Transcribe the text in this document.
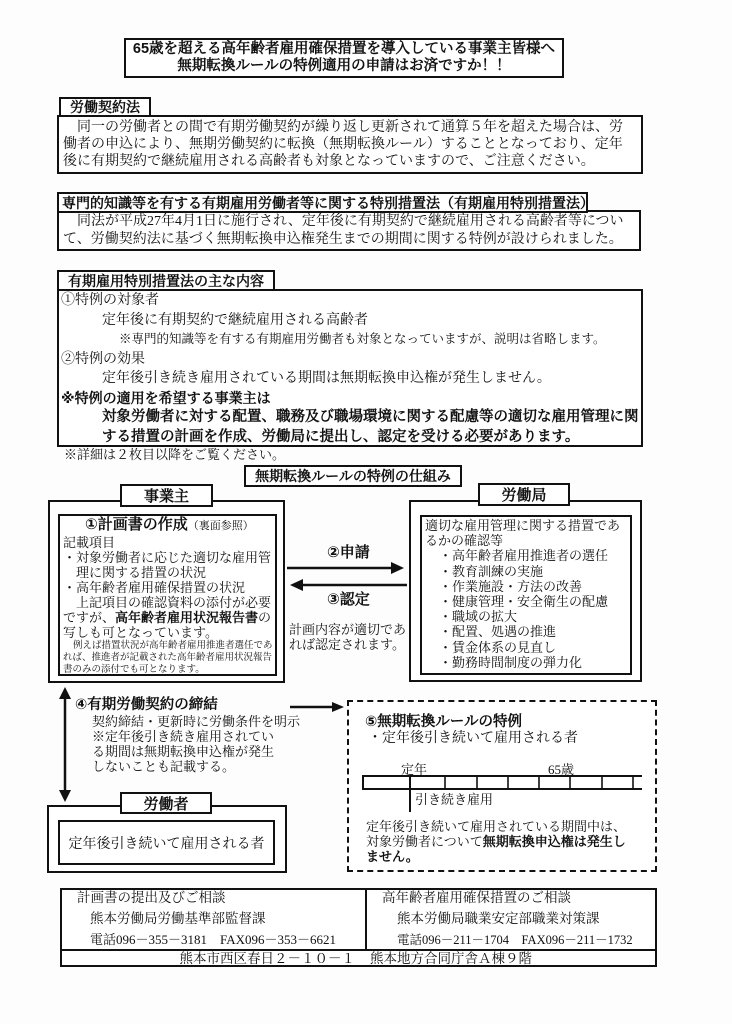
65歳を超える高年齢者雇用確保措置を導入している事業主皆様へ
無期転換ルールの特例適用の申請はお済ですか！！
同一の労働者との間で有期労働契約が繰り返し更新されて通算５年を超えた場合は、労
働者の申込により、無期労働契約に転換（無期転換ルール）することとなっており、定年
後に有期契約で継続雇用される高齢者も対象となっていますので、ご注意ください。
労働契約法
同法が平成27年4月1日に施行され、定年後に有期契約で継続雇用される高齢者等につい
て、労働契約法に基づく無期転換申込権発生までの期間に関する特例が設けられました。
専門的知識等を有する有期雇用労働者等に関する特別措置法（有期雇用特別措置法）
①特例の対象者
定年後に有期契約で継続雇用される高齢者
※専門的知識等を有する有期雇用労働者も対象となっていますが、説明は省略します。
②特例の効果
定年後引き続き雇用されている期間は無期転換申込権が発生しません。
※特例の適用を希望する事業主は
対象労働者に対する配置、職務及び職場環境に関する配慮等の適切な雇用管理に関
する措置の計画を作成、労働局に提出し、認定を受ける必要があります。
有期雇用特別措置法の主な内容
※詳細は２枚目以降をご覧ください。
無期転換ルールの特例の仕組み
事業主
①計画書の作成（裏面参照）
記載項目
・対象労働者に応じた適切な雇用管
理に関する措置の状況
・高年齢者雇用確保措置の状況
上記項目の確認資料の添付が必要
ですが、高年齢者雇用状況報告書の
写しも可となっています。
例えば措置状況が高年齢者雇用推進者選任であ
れば、推進者が記載された高年齢者雇用状況報告
書のみの添付でも可となります。
②申請
③認定
計画内容が適切であ
れば認定されます。
労働局
適切な雇用管理に関する措置であ
るかの確認等
・高年齢者雇用推進者の選任
・教育訓練の実施
・作業施設・方法の改善
・健康管理・安全衛生の配慮
・職域の拡大
・配置、処遇の推進
・賃金体系の見直し
・勤務時間制度の弾力化
④有期労働契約の締結
契約締結・更新時に労働条件を明示
※定年後引き続き雇用されてい
る期間は無期転換申込権が発生
しないことも記載する。
定年後引き続いて雇用される者
労働者
⑤無期転換ルールの特例
・定年後引き続いて雇用される者
定年	65歳
引き続き雇用
定年後引き続いて雇用されている期間中は、
対象労働者について無期転換申込権は発生し
ません。
計画書の提出及びご相談
熊本労働局労働基準部監督課
電話096－355－3181　FAX096－353－6621
高年齢者雇用確保措置のご相談
熊本労働局職業安定部職業対策課
電話096－211－1704　FAX096－211－1732
熊本市西区春日２－１０－１ 熊本地方合同庁舎Ａ棟９階
